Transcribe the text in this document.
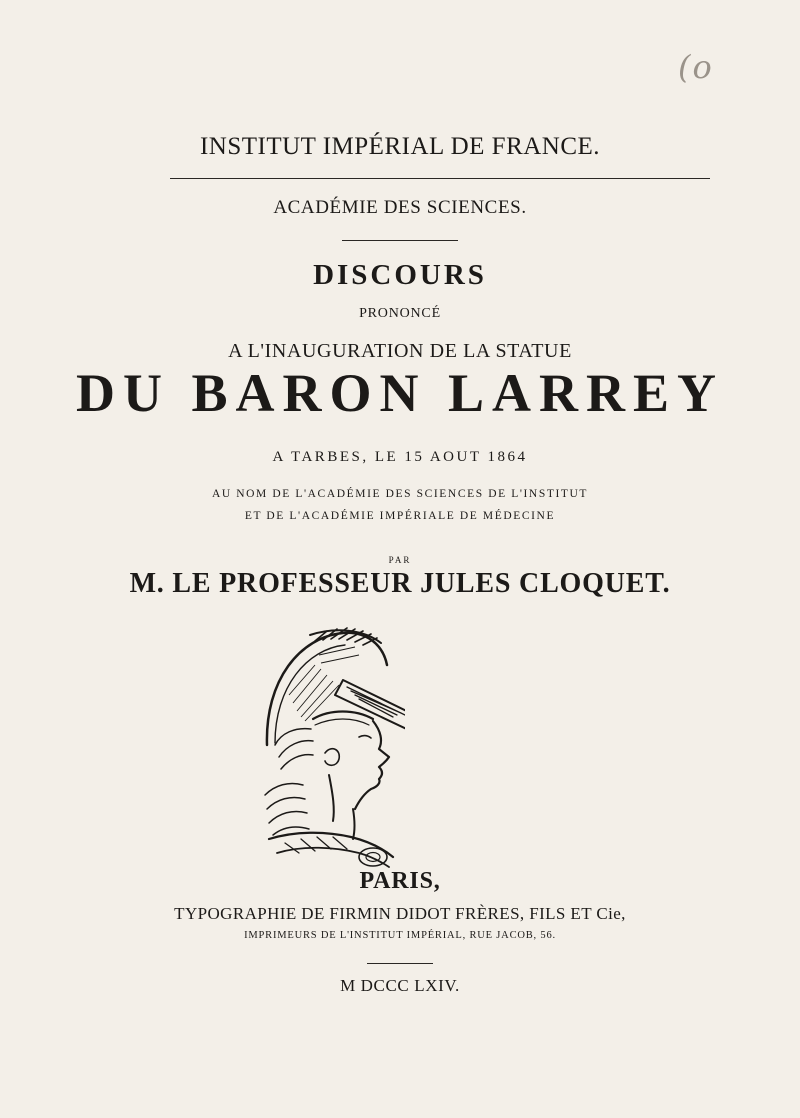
(o
INSTITUT IMPÉRIAL DE FRANCE.
ACADÉMIE DES SCIENCES.
DISCOURS
PRONONCÉ
A L'INAUGURATION DE LA STATUE
DU BARON LARREY
A TARBES, LE 15 AOUT 1864
AU NOM DE L'ACADÉMIE DES SCIENCES DE L'INSTITUT
ET DE L'ACADÉMIE IMPÉRIALE DE MÉDECINE
PAR
M. LE PROFESSEUR JULES CLOQUET.
PARIS,
TYPOGRAPHIE DE FIRMIN DIDOT FRÈRES, FILS ET Cie,
IMPRIMEURS DE L'INSTITUT IMPÉRIAL, RUE JACOB, 56.
M DCCC LXIV.
